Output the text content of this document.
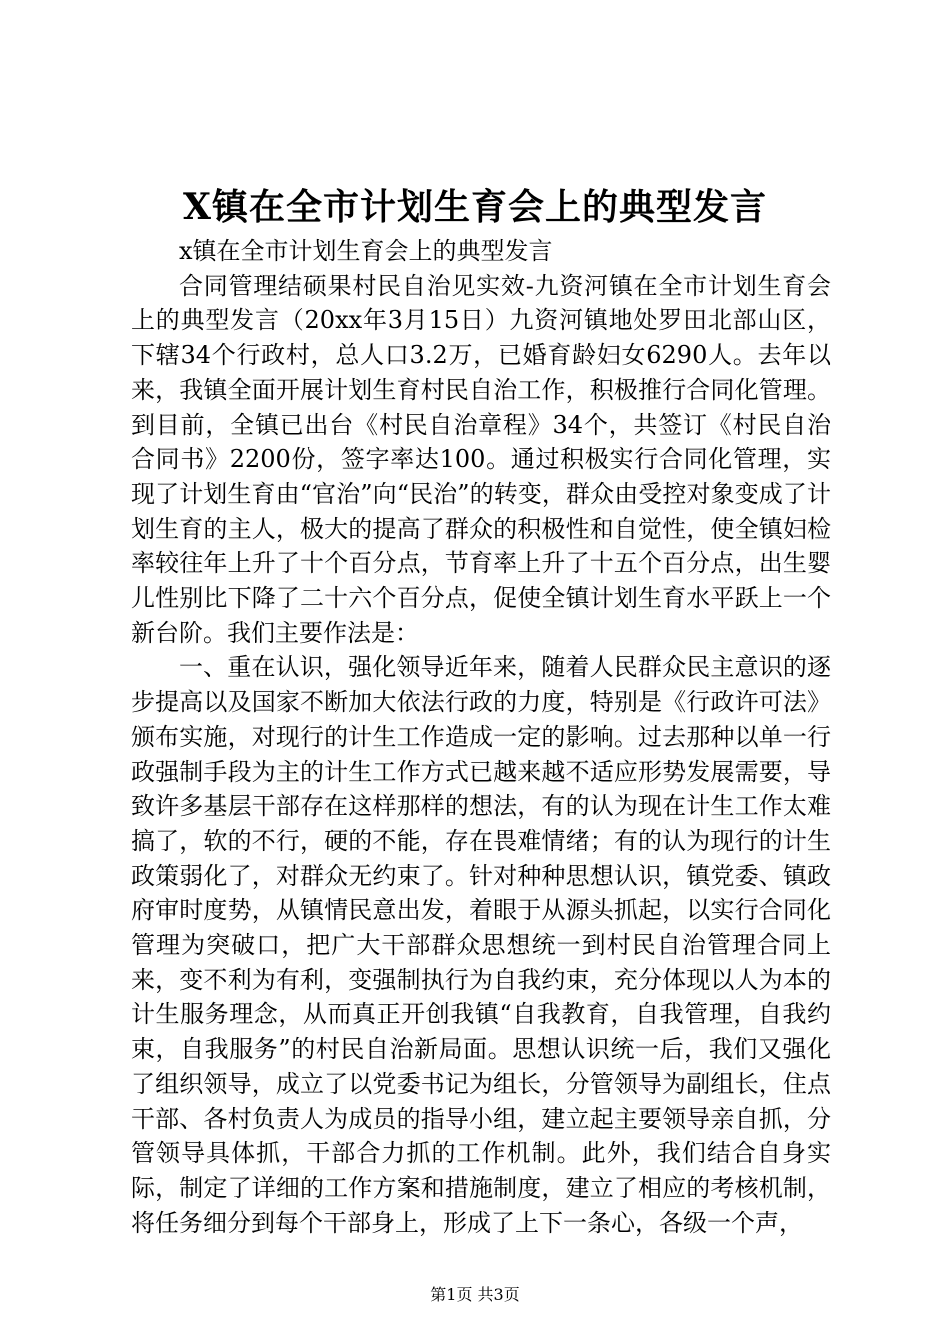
X镇在全市计划生育会上的典型发言

x镇在全市计划生育会上的典型发言

合同管理结硕果村民自治见实效-九资河镇在全市计划生育会上的典型发言（20xx年3月15日）九资河镇地处罗田北部山区，下辖34个行政村，总人口3.2万，已婚育龄妇女6290人。去年以来，我镇全面开展计划生育村民自治工作，积极推行合同化管理。到目前，全镇已出台《村民自治章程》34个，共签订《村民自治合同书》2200份，签字率达100。通过积极实行合同化管理，实现了计划生育由“官治”向“民治”的转变，群众由受控对象变成了计划生育的主人，极大的提高了群众的积极性和自觉性，使全镇妇检率较往年上升了十个百分点，节育率上升了十五个百分点，出生婴儿性别比下降了二十六个百分点，促使全镇计划生育水平跃上一个新台阶。我们主要作法是：

一、重在认识，强化领导近年来，随着人民群众民主意识的逐步提高以及国家不断加大依法行政的力度，特别是《行政许可法》颁布实施，对现行的计生工作造成一定的影响。过去那种以单一行政强制手段为主的计生工作方式已越来越不适应形势发展需要，导致许多基层干部存在这样那样的想法，有的认为现在计生工作太难搞了，软的不行，硬的不能，存在畏难情绪；有的认为现行的计生政策弱化了，对群众无约束了。针对种种思想认识，镇党委、镇政府审时度势，从镇情民意出发，着眼于从源头抓起，以实行合同化管理为突破口，把广大干部群众思想统一到村民自治管理合同上来，变不利为有利，变强制执行为自我约束，充分体现以人为本的计生服务理念，从而真正开创我镇“自我教育，自我管理，自我约束，自我服务”的村民自治新局面。思想认识统一后，我们又强化了组织领导，成立了以党委书记为组长，分管领导为副组长，住点干部、各村负责人为成员的指导小组，建立起主要领导亲自抓，分管领导具体抓，干部合力抓的工作机制。此外，我们结合自身实际，制定了详细的工作方案和措施制度，建立了相应的考核机制，将任务细分到每个干部身上，形成了上下一条心，各级一个声，

第1页 共3页
